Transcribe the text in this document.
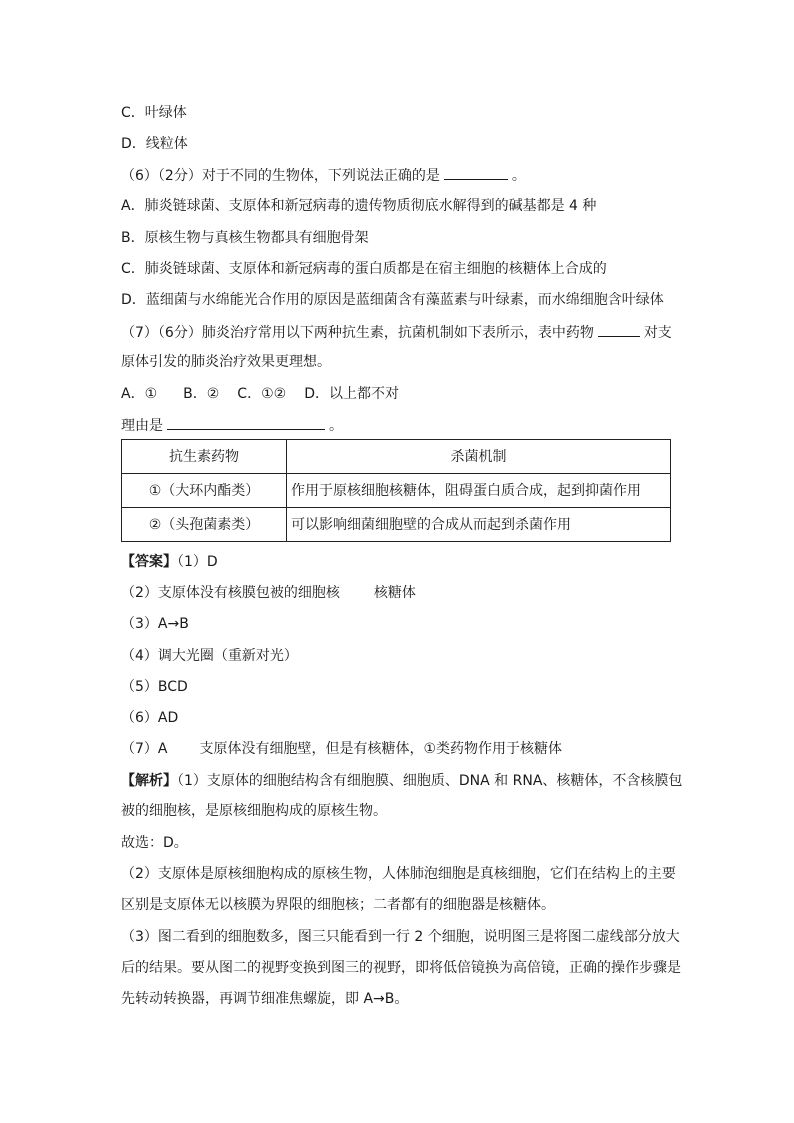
C．叶绿体
D．线粒体
（6）（2分）对于不同的生物体，下列说法正确的是	。
A．肺炎链球菌、支原体和新冠病毒的遗传物质彻底水解得到的碱基都是 4 种
B．原核生物与真核生物都具有细胞骨架
C．肺炎链球菌、支原体和新冠病毒的蛋白质都是在宿主细胞的核糖体上合成的
D．蓝细菌与水绵能光合作用的原因是蓝细菌含有藻蓝素与叶绿素，而水绵细胞含叶绿体
（7）（6分）肺炎治疗常用以下两种抗生素，抗菌机制如下表所示，表中药物	对支
原体引发的肺炎治疗效果更理想。
A．① B．② C．①② D．以上都不对
理由是	。
抗生素药物	杀菌机制
①（大环内酯类）	作用于原核细胞核糖体，阻碍蛋白质合成，起到抑菌作用
②（头孢菌素类）	可以影响细菌细胞壁的合成从而起到杀菌作用
【答案】（1）D
（2）支原体没有核膜包被的细胞核 核糖体
（3）A→B
（4）调大光圈（重新对光）
（5）BCD
（6）AD
（7）A 支原体没有细胞壁，但是有核糖体，①类药物作用于核糖体
【解析】（1）支原体的细胞结构含有细胞膜、细胞质、DNA 和 RNA、核糖体，不含核膜包
被的细胞核，是原核细胞构成的原核生物。
故选：D。
（2）支原体是原核细胞构成的原核生物，人体肺泡细胞是真核细胞，它们在结构上的主要
区别是支原体无以核膜为界限的细胞核；二者都有的细胞器是核糖体。
（3）图二看到的细胞数多，图三只能看到一行 2 个细胞，说明图三是将图二虚线部分放大
后的结果。要从图二的视野变换到图三的视野，即将低倍镜换为高倍镜，正确的操作步骤是
先转动转换器，再调节细准焦螺旋，即 A→B。
